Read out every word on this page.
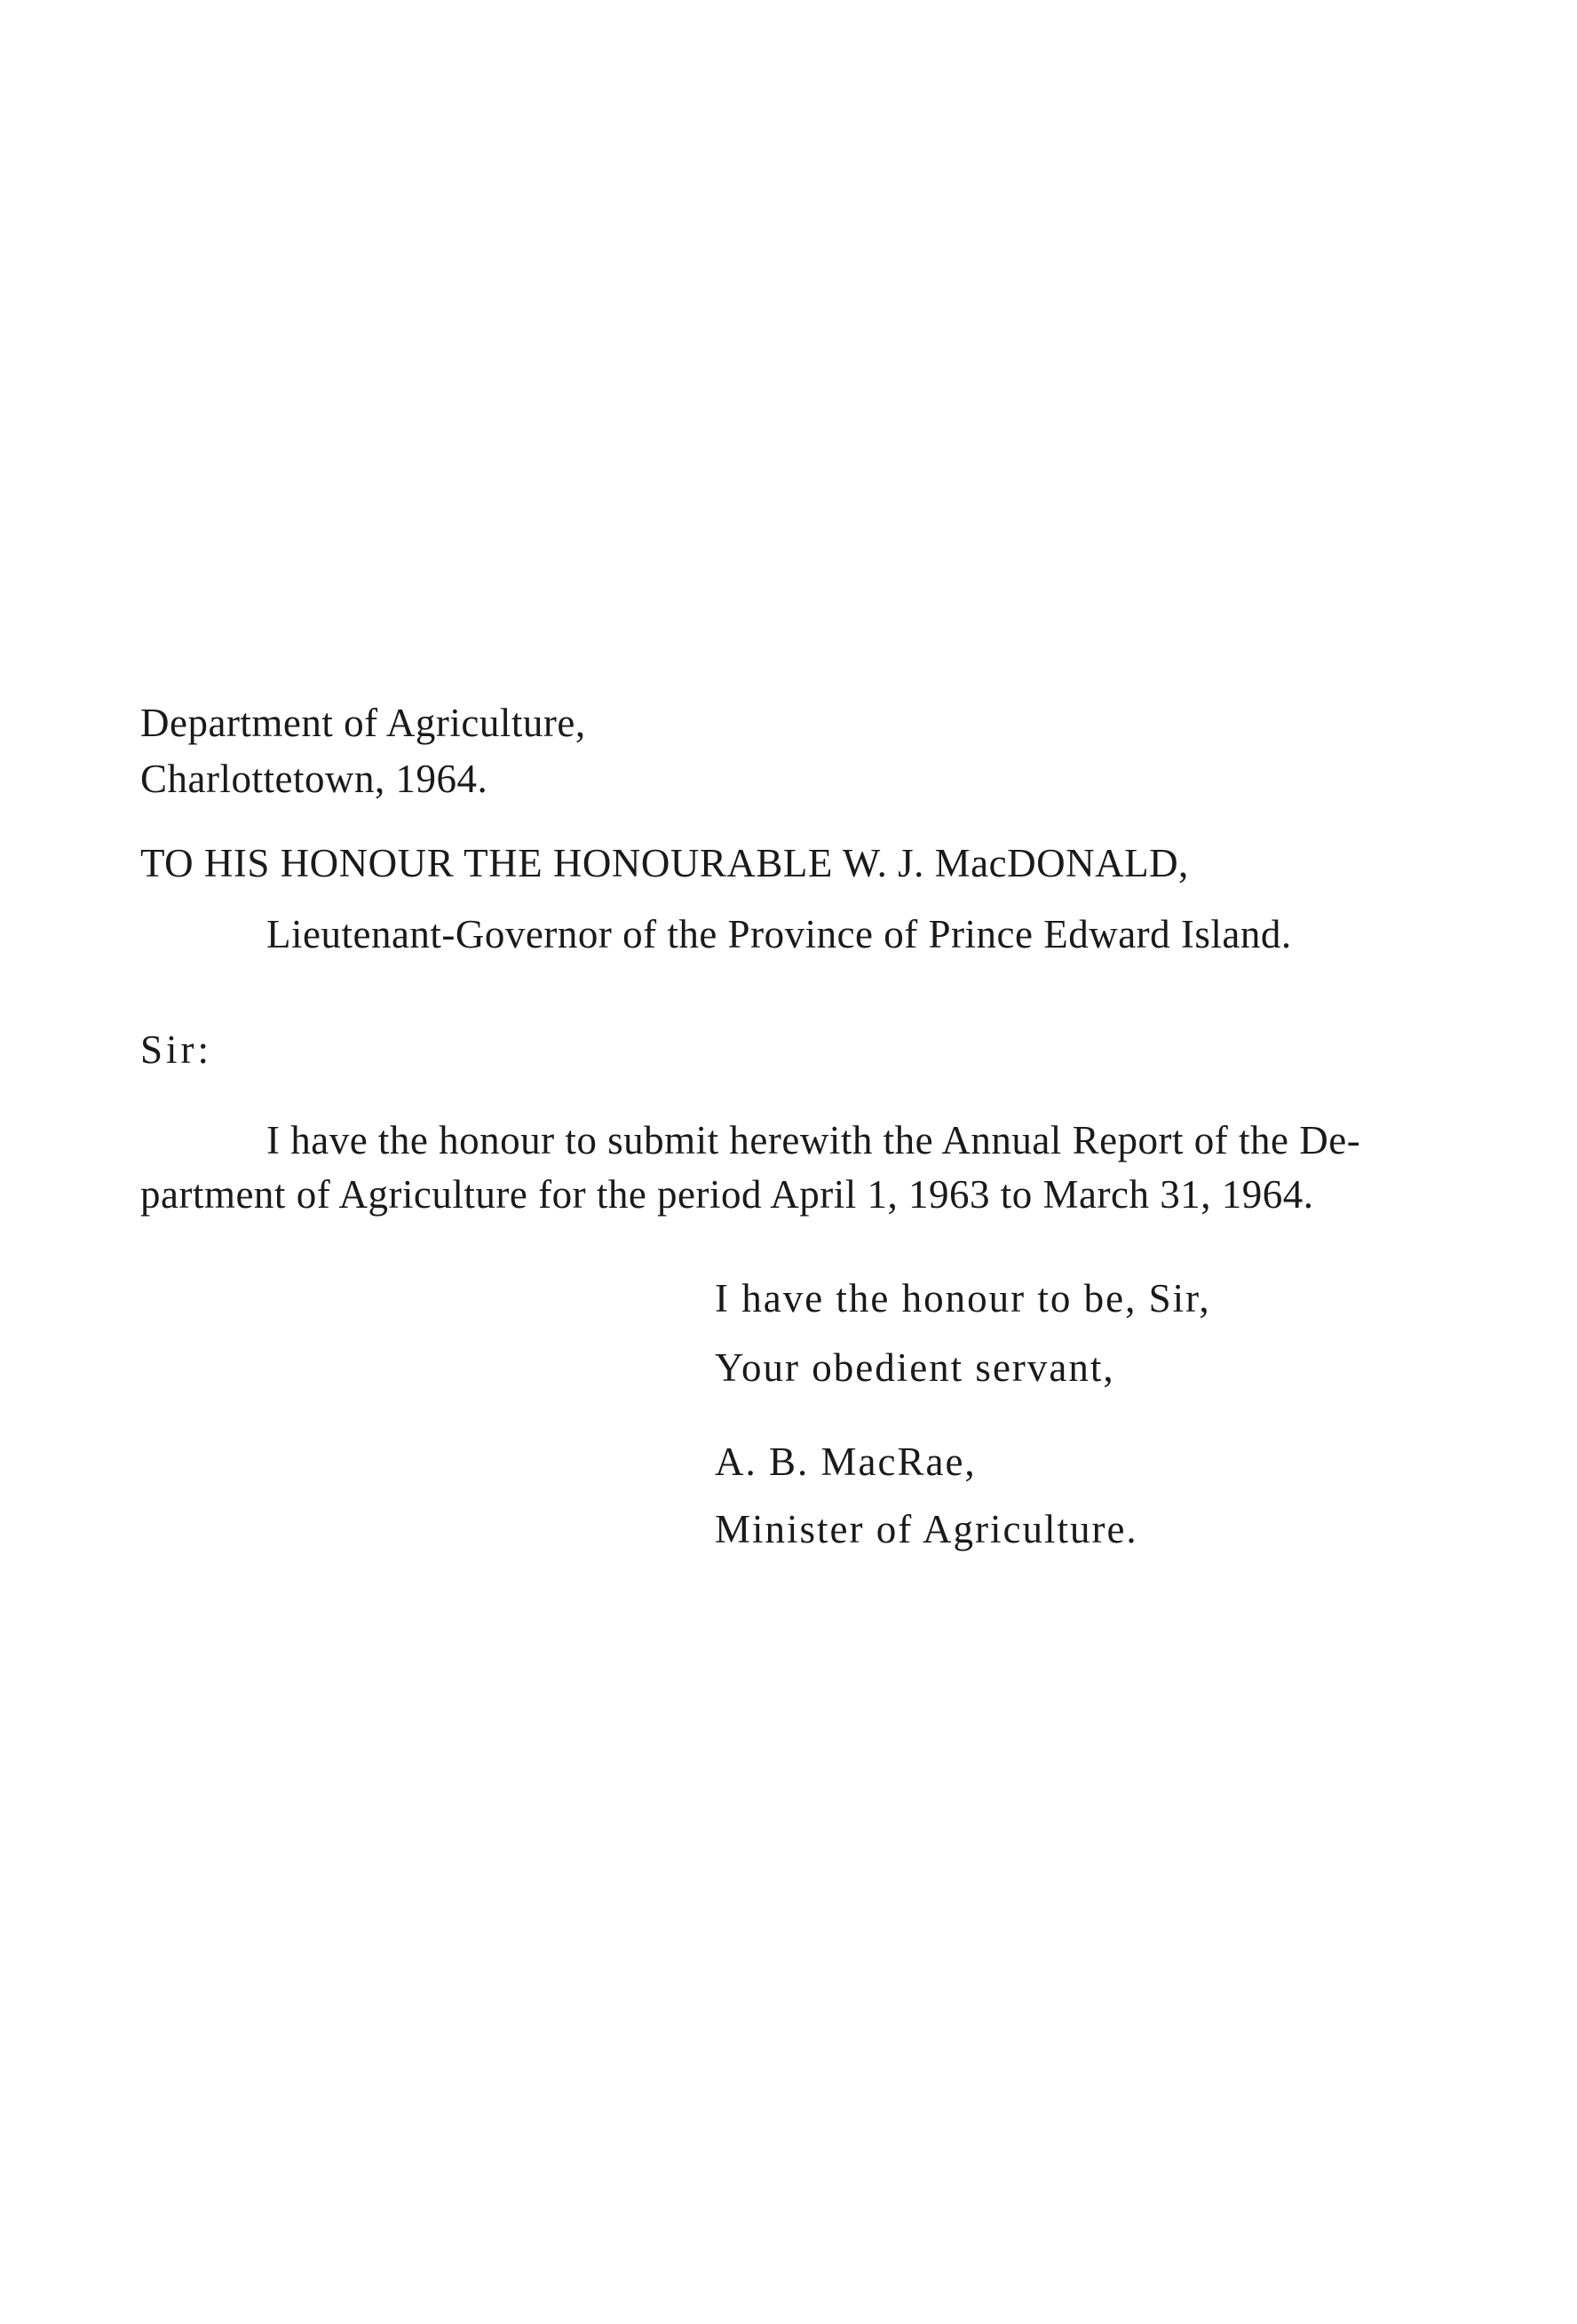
Department of Agriculture,
Charlottetown, 1964.
TO HIS HONOUR THE HONOURABLE W. J. MacDONALD,
Lieutenant-Governor of the Province of Prince Edward Island.
Sir:
I have the honour to submit herewith the Annual Report of the De-
partment of Agriculture for the period April 1, 1963 to March 31, 1964.
I have the honour to be, Sir,
Your obedient servant,
A. B. MacRae,
Minister of Agriculture.
